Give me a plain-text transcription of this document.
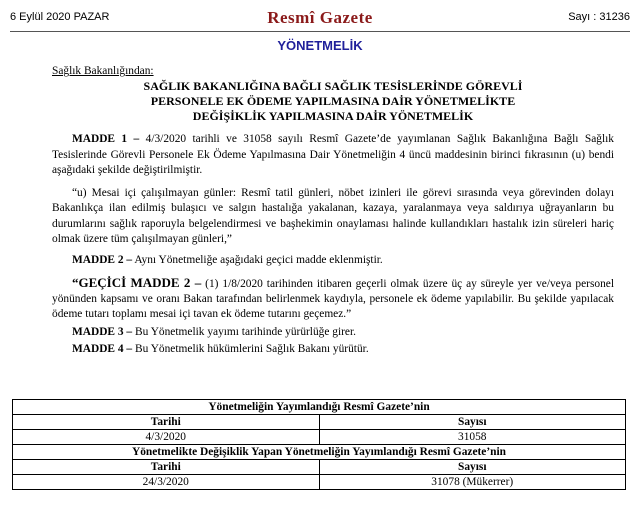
6 Eylül 2020 PAZAR	Resmî Gazete	Sayı : 31236
YÖNETMELİK
Sağlık Bakanlığından:
SAĞLIK BAKANLIĞINA BAĞLI SAĞLIK TESİSLERİNDE GÖREVLİ
PERSONELE EK ÖDEME YAPILMASINA DAİR YÖNETMELİKTE
DEĞİŞİKLİK YAPILMASINA DAİR YÖNETMELİK

MADDE 1 – 4/3/2020 tarihli ve 31058 sayılı Resmî Gazete’de yayımlanan Sağlık Bakanlığına Bağlı Sağlık Tesislerinde Görevli Personele Ek Ödeme Yapılmasına Dair Yönetmeliğin 4 üncü maddesinin birinci fıkrasının (u) bendi aşağıdaki şekilde değiştirilmiştir.

“u) Mesai içi çalışılmayan günler: Resmî tatil günleri, nöbet izinleri ile görevi sırasında veya görevinden dolayı Bakanlıkça ilan edilmiş bulaşıcı ve salgın hastalığa yakalanan, kazaya, yaralanmaya veya saldırıya uğrayanların bu durumlarını sağlık raporuyla belgelendirmesi ve başhekimin onaylaması halinde kullandıkları hastalık izin süreleri hariç olmak üzere tüm çalışılmayan günleri,”

MADDE 2 – Aynı Yönetmeliğe aşağıdaki geçici madde eklenmiştir.

“GEÇİCİ MADDE 2 – (1) 1/8/2020 tarihinden itibaren geçerli olmak üzere üç ay süreyle yer ve/veya personel yönünden kapsamı ve oranı Bakan tarafından belirlenmek kaydıyla, personele ek ödeme yapılabilir. Bu şekilde yapılacak ödeme tutarı toplamı mesai içi tavan ek ödeme tutarını geçemez.”

MADDE 3 – Bu Yönetmelik yayımı tarihinde yürürlüğe girer.

MADDE 4 – Bu Yönetmelik hükümlerini Sağlık Bakanı yürütür.

Yönetmeliğin Yayımlandığı Resmî Gazete’nin	
Tarihi	Sayısı
4/3/2020	31058
Yönetmelikte Değişiklik Yapan Yönetmeliğin Yayımlandığı Resmî Gazete’nin	
Tarihi	Sayısı
24/3/2020	31078 (Mükerrer)
